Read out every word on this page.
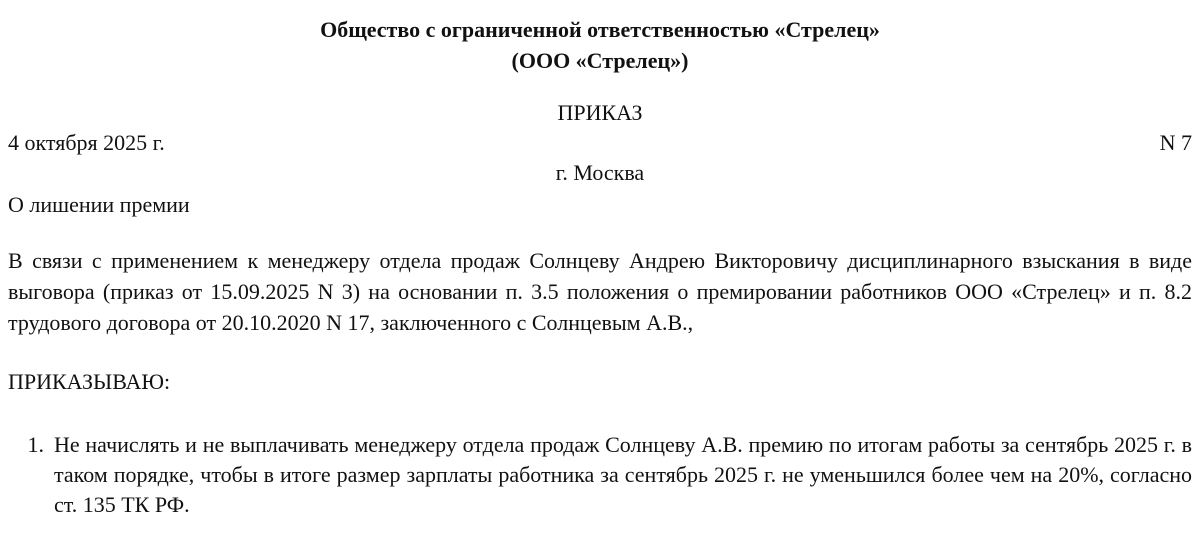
Общество с ограниченной ответственностью «Стрелец»
(ООО «Стрелец»)
ПРИКАЗ
4 октября 2025 г.	N 7
г. Москва
О лишении премии
В связи с применением к менеджеру отдела продаж Солнцеву Андрею Викторовичу дисциплинарного взыскания в виде выговора (приказ от 15.09.2025 N 3) на основании п. 3.5 положения о премировании работников ООО «Стрелец» и п. 8.2 трудового договора от 20.10.2020 N 17, заключенного с Солнцевым А.В.,
ПРИКАЗЫВАЮ:
1. Не начислять и не выплачивать менеджеру отдела продаж Солнцеву А.В. премию по итогам работы за сентябрь 2025 г. в таком порядке, чтобы в итоге размер зарплаты работника за сентябрь 2025 г. не уменьшился более чем на 20%, согласно ст. 135 ТК РФ.
